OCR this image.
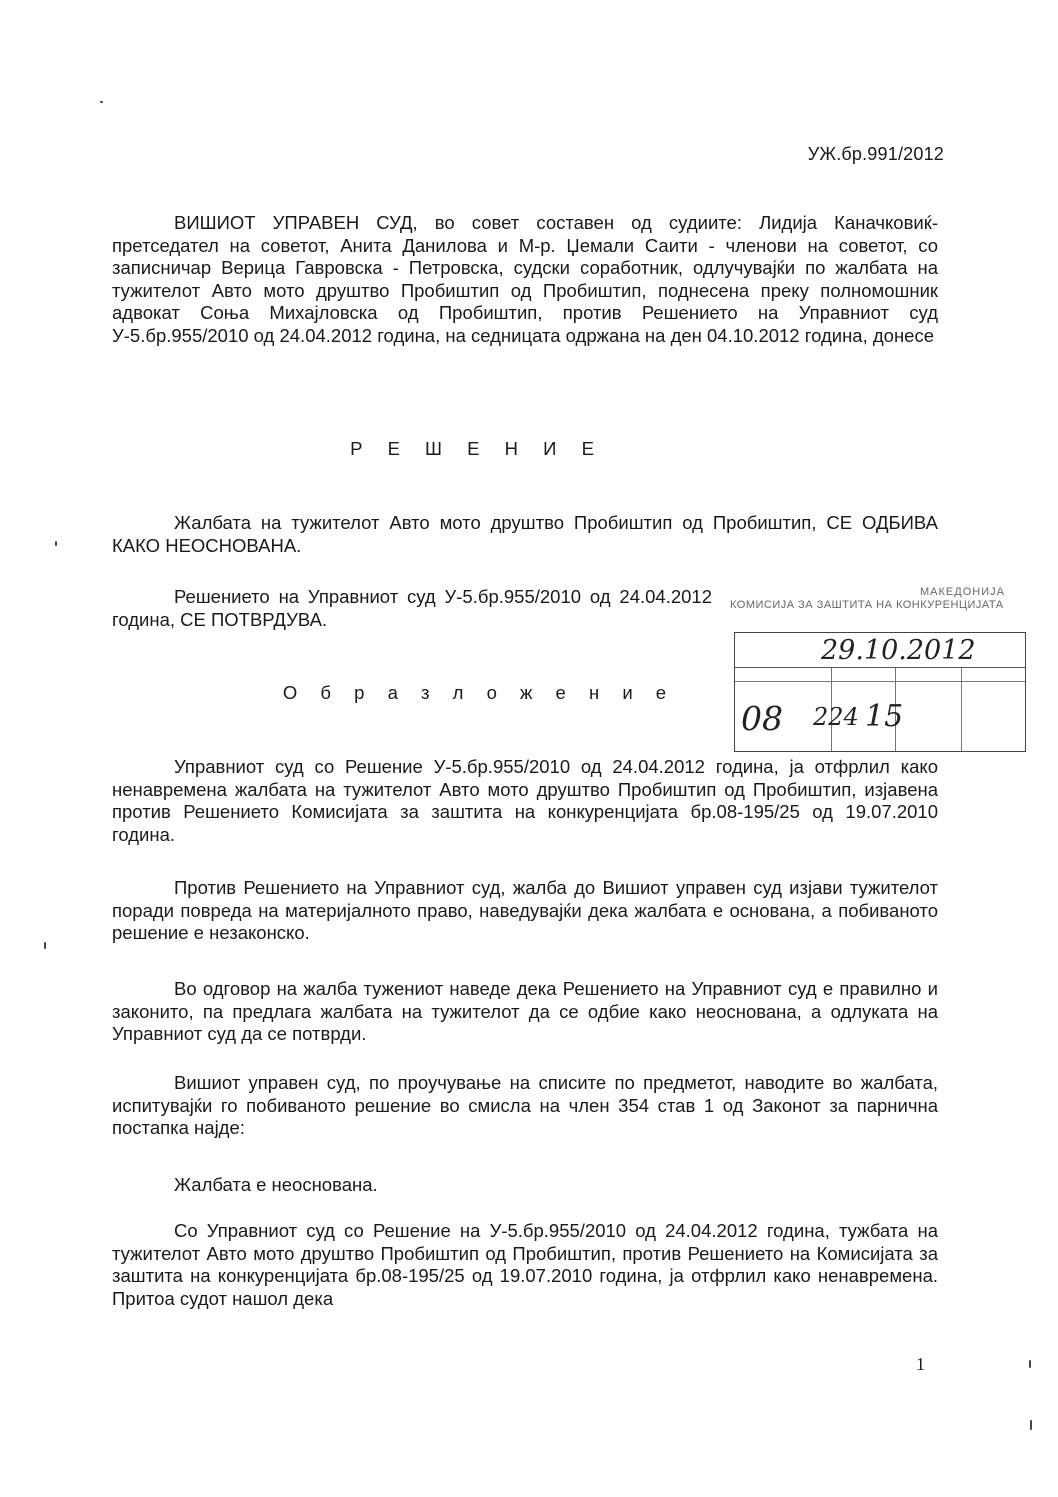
УЖ.бр.991/2012

ВИШИОТ УПРАВЕН СУД, во совет составен од судиите: Лидија Каначковиќ- претседател на советот, Анита Данилова и М-р. Џемали Саити - членови на советот, со записничар Верица Гавровска - Петровска, судски соработник, одлучувајќи по жалбата на тужителот Авто мото друштво Пробиштип од Пробиштип, поднесена преку полномошник адвокат Соња Михајловска од Пробиштип, против Решението на Управниот суд У-5.бр.955/2010 од 24.04.2012 година, на седницата одржана на ден 04.10.2012 година, донесе

Р Е Ш Е Н И Е

Жалбата на тужителот Авто мото друштво Пробиштип од Пробиштип, СЕ ОДБИВА КАКО НЕОСНОВАНА.

Решението на Управниот суд У-5.бр.955/2010 од 24.04.2012 година, СЕ ПОТВРДУВА.

О б р а з л о ж е н и е
МАКЕДОНИЈА
КОМИСИЈА ЗА ЗАШТИТА НА КОНКУРЕНЦИЈАТА
29.10.2012
08 224 15

Управниот суд со Решение У-5.бр.955/2010 од 24.04.2012 година, ја отфрлил како ненавремена жалбата на тужителот Авто мото друштво Пробиштип од Пробиштип, изјавена против Решението Комисијата за заштита на конкуренцијата бр.08-195/25 од 19.07.2010 година.

Против Решението на Управниот суд, жалба до Вишиот управен суд изјави тужителот поради повреда на материјалното право, наведувајќи дека жалбата е основана, а побиваното решение е незаконско.

Во одговор на жалба тужениот наведе дека Решението на Управниот суд е правилно и законито, па предлага жалбата на тужителот да се одбие како неоснована, а одлуката на Управниот суд да се потврди.

Вишиот управен суд, по проучување на списите по предметот, наводите во жалбата, испитувајќи го побиваното решение во смисла на член 354 став 1 од Законот за парнична постапка најде:

Жалбата е неоснована.

Со Управниот суд со Решение на У-5.бр.955/2010 од 24.04.2012 година, тужбата на тужителот Авто мото друштво Пробиштип од Пробиштип, против Решението на Комисијата за заштита на конкуренцијата бр.08-195/25 од 19.07.2010 година, ја отфрлил како ненавремена. Притоа судот нашол дека

1
